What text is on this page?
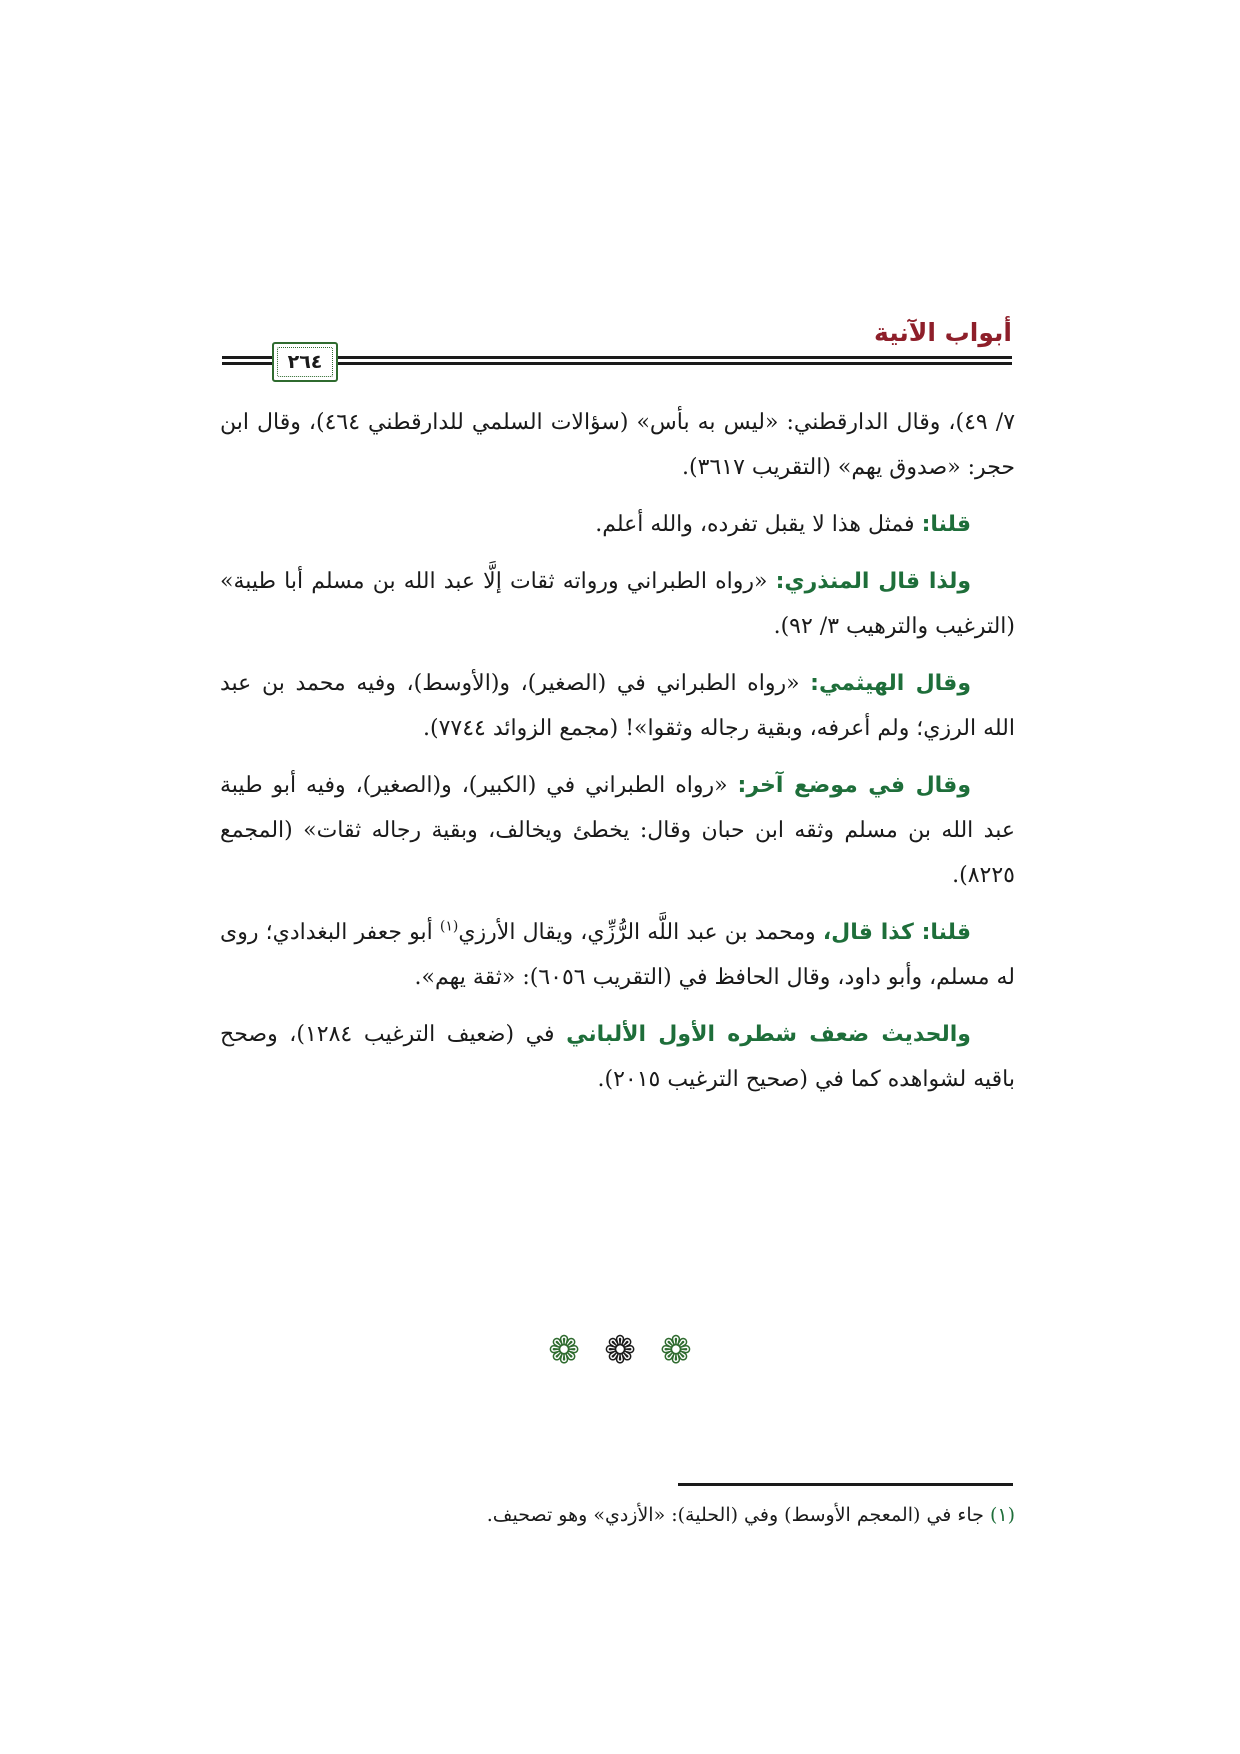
أبواب الآنية
٢٦٤

٧/ ٤٩)، وقال الدارقطني: «ليس به بأس» (سؤالات السلمي للدارقطني ٤٦٤)، وقال ابن حجر: «صدوق يهم» (التقريب ٣٦١٧).

قلنا: فمثل هذا لا يقبل تفرده، والله أعلم.

ولذا قال المنذري: «رواه الطبراني ورواته ثقات إلَّا عبد الله بن مسلم أبا طيبة» (الترغيب والترهيب ٣/ ٩٢).

وقال الهيثمي: «رواه الطبراني في (الصغير)، و(الأوسط)، وفيه محمد بن عبد الله الرزي؛ ولم أعرفه، وبقية رجاله وثقوا»! (مجمع الزوائد ٧٧٤٤).

وقال في موضع آخر: «رواه الطبراني في (الكبير)، و(الصغير)، وفيه أبو طيبة عبد الله بن مسلم وثقه ابن حبان وقال: يخطئ ويخالف، وبقية رجاله ثقات» (المجمع ٨٢٢٥).

قلنا: كذا قال، ومحمد بن عبد اللَّه الرُّزِّي، ويقال الأرزي$^{(١)}$ أبو جعفر البغدادي؛ روى له مسلم، وأبو داود، وقال الحافظ في (التقريب ٦٠٥٦): «ثقة يهم».

والحديث ضعف شطره الأول الألباني في (ضعيف الترغيب ١٢٨٤)، وصحح باقيه لشواهده كما في (صحيح الترغيب ٢٠١٥).

❁ ❁ ❁
(١) جاء في (المعجم الأوسط) وفي (الحلية): «الأزدي» وهو تصحيف.
